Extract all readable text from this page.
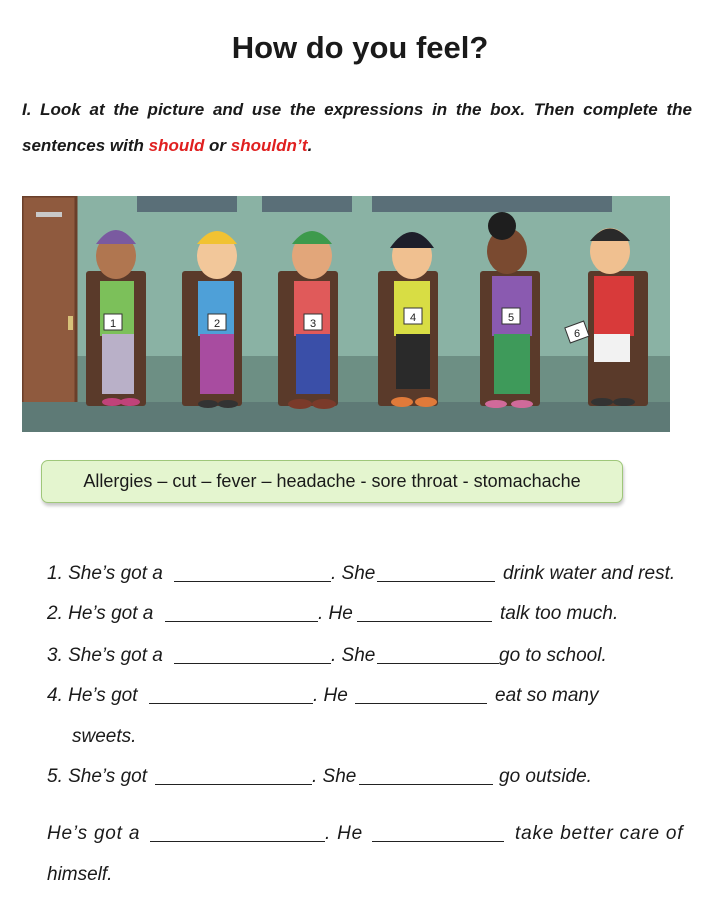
How do you feel?

I. Look at the picture and use the expressions in the box. Then complete the sentences with should or shouldn’t.

1	2	3	4	5
6
Allergies – cut – fever – headache - sore throat - stomachache
1. She’s got a	. She	drink water and rest.
2. He’s got a	. He	talk too much.
3. She’s got a	. She	go to school.
4. He’s got	. He	eat so many
sweets.
5. She’s got	. She	go outside.
He’s got a	. He	take better care of
himself.
